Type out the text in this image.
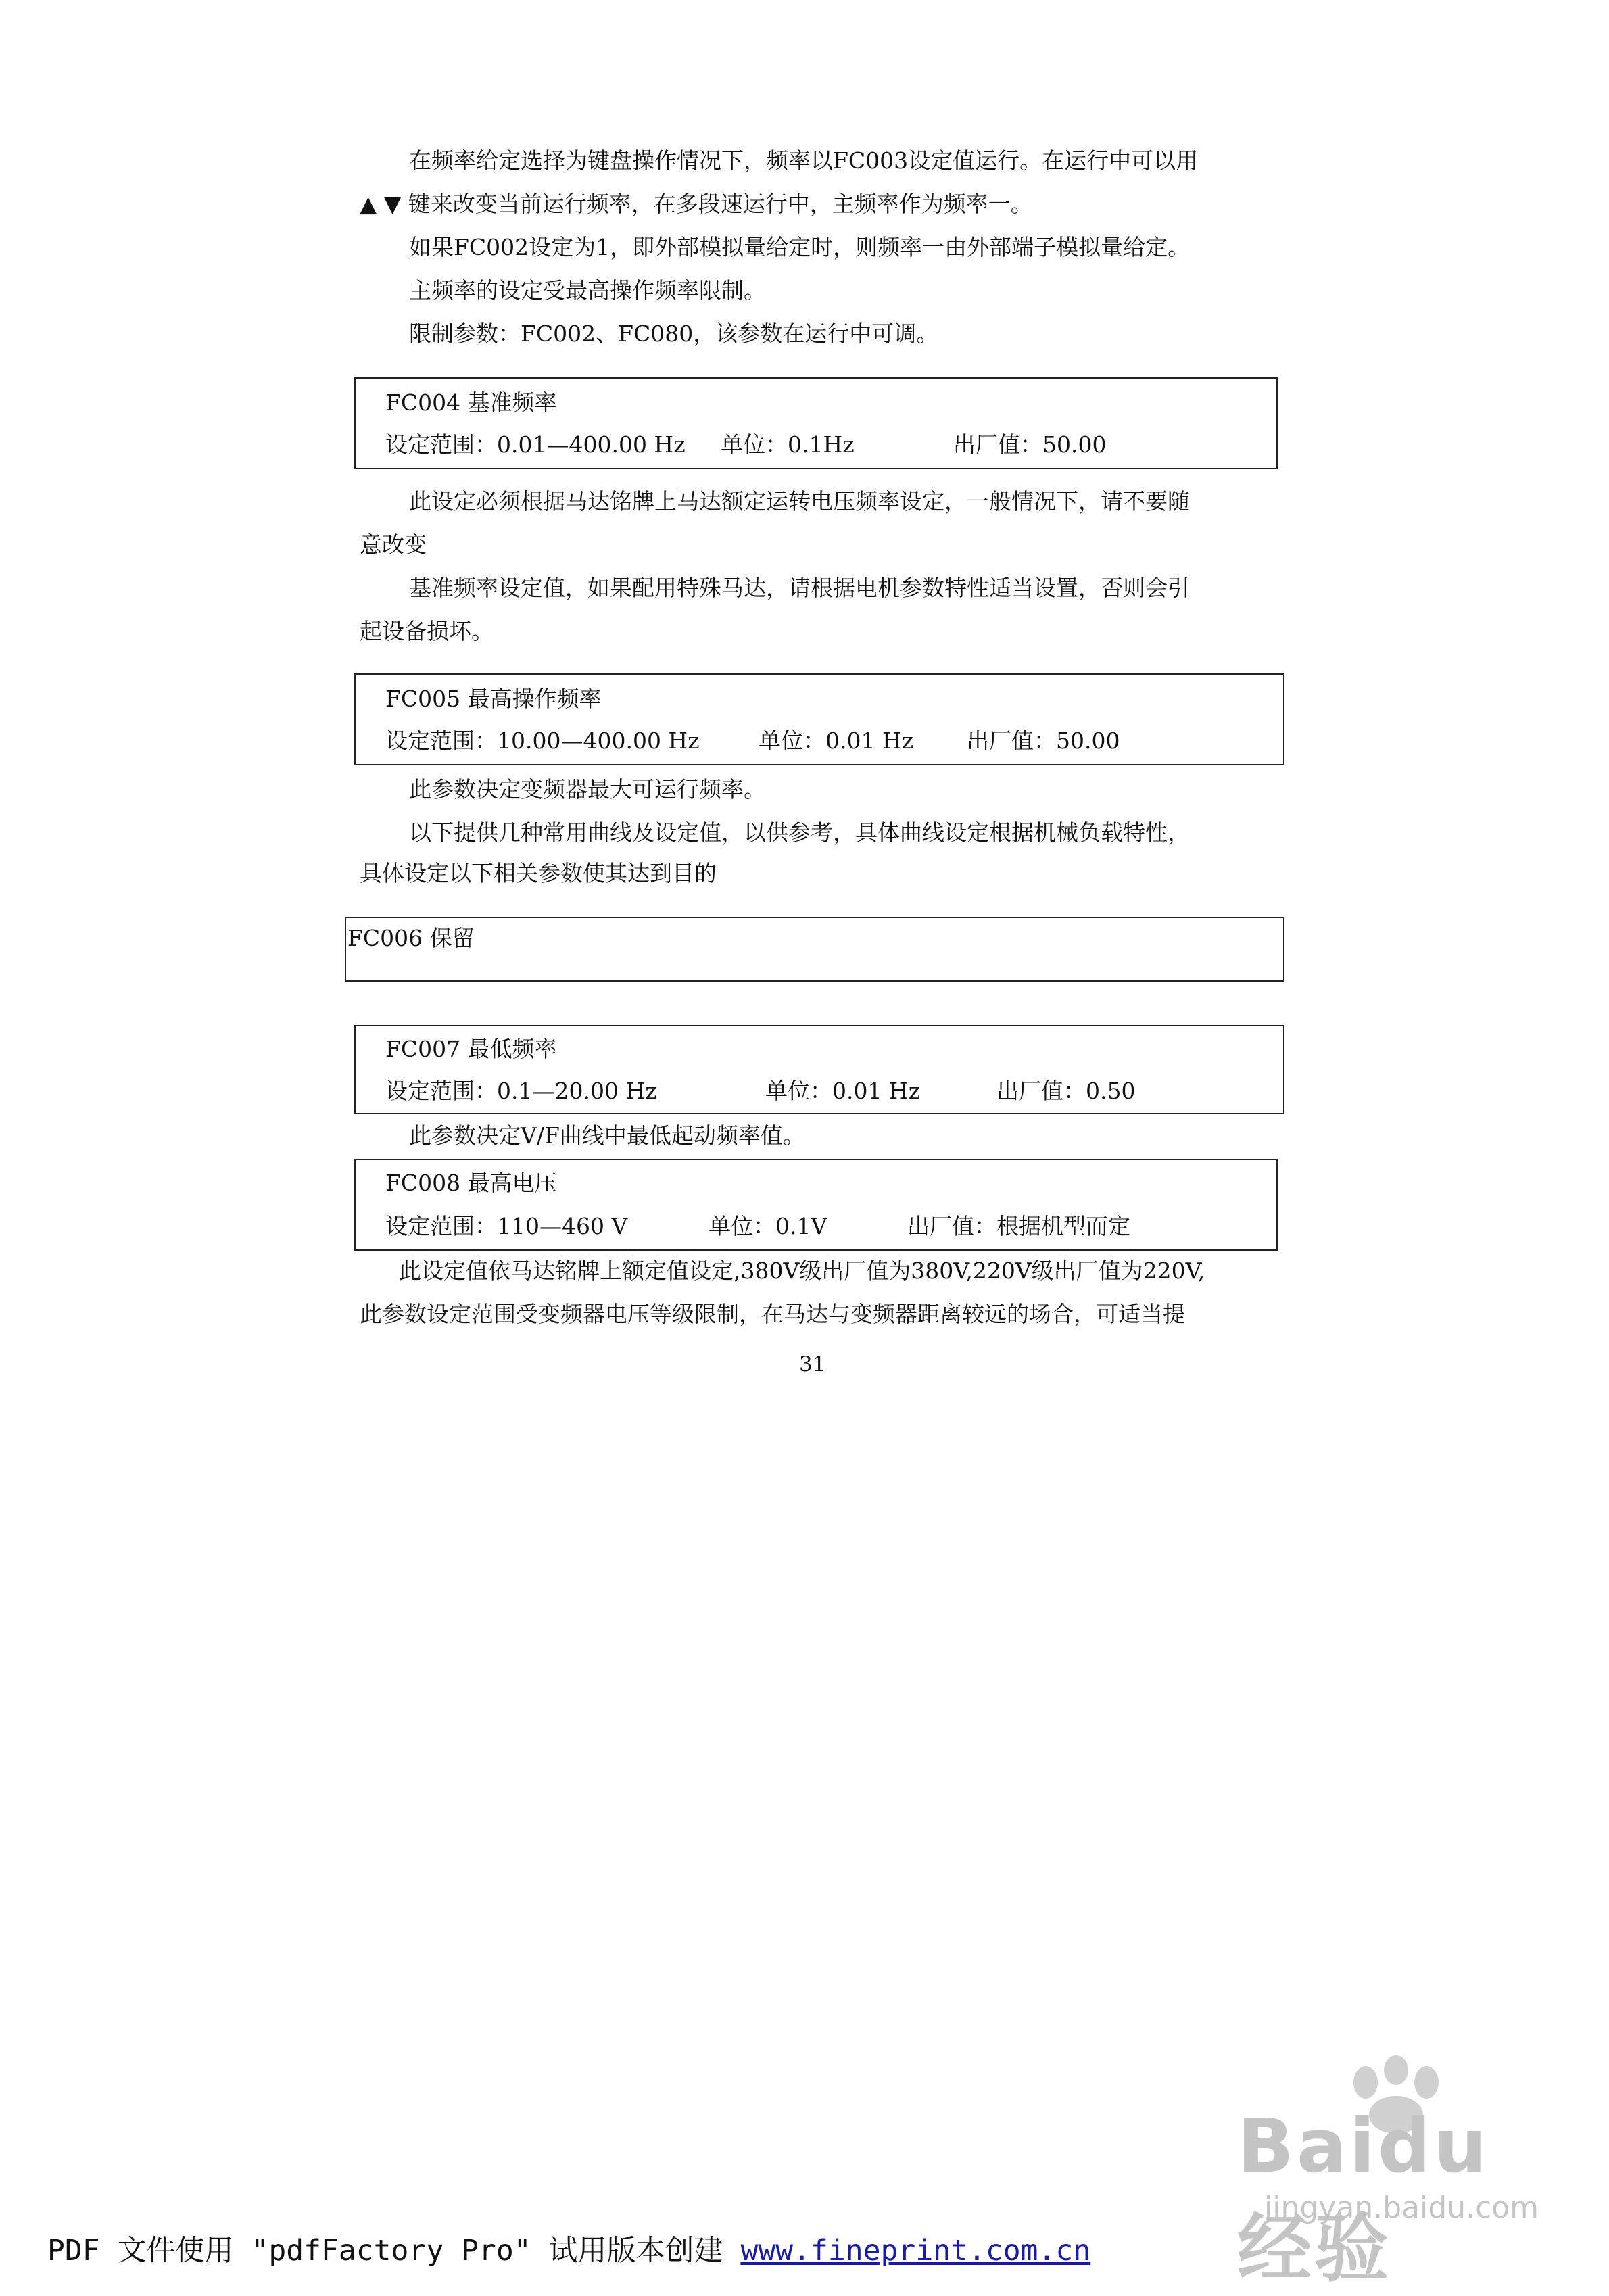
在频率给定选择为键盘操作情况下，频率以FC003设定值运行。在运行中可以用
▲ ▼ 键来改变当前运行频率，在多段速运行中，主频率作为频率一。
如果FC002设定为1，即外部模拟量给定时，则频率一由外部端子模拟量给定。
主频率的设定受最高操作频率限制。
限制参数：FC002、FC080，该参数在运行中可调。
FC004 基准频率
设定范围：0.01—400.00 Hz 单位：0.1Hz	出厂值：50.00
此设定必须根据马达铭牌上马达额定运转电压频率设定，一般情况下，请不要随
意改变
基准频率设定值，如果配用特殊马达，请根据电机参数特性适当设置，否则会引
起设备损坏。
FC005 最高操作频率
设定范围：10.00—400.00 Hz	单位：0.01 Hz 出厂值：50.00
此参数决定变频器最大可运行频率。
以下提供几种常用曲线及设定值，以供参考，具体曲线设定根据机械负载特性，
具体设定以下相关参数使其达到目的
FC006 保留
FC007 最低频率
设定范围：0.1—20.00 Hz	单位：0.01 Hz	出厂值：0.50
此参数决定V/F曲线中最低起动频率值。
FC008 最高电压
设定范围：110—460 V	单位：0.1V	出厂值：根据机型而定
此设定值依马达铭牌上额定值设定,380V级出厂值为380V,220V级出厂值为220V,
此参数设定范围受变频器电压等级限制，在马达与变频器距离较远的场合，可适当提
31
Baidu经验
jingyan.baidu.com
PDF 文件使用 "pdfFactory Pro" 试用版本创建 www.fineprint.com.cn
